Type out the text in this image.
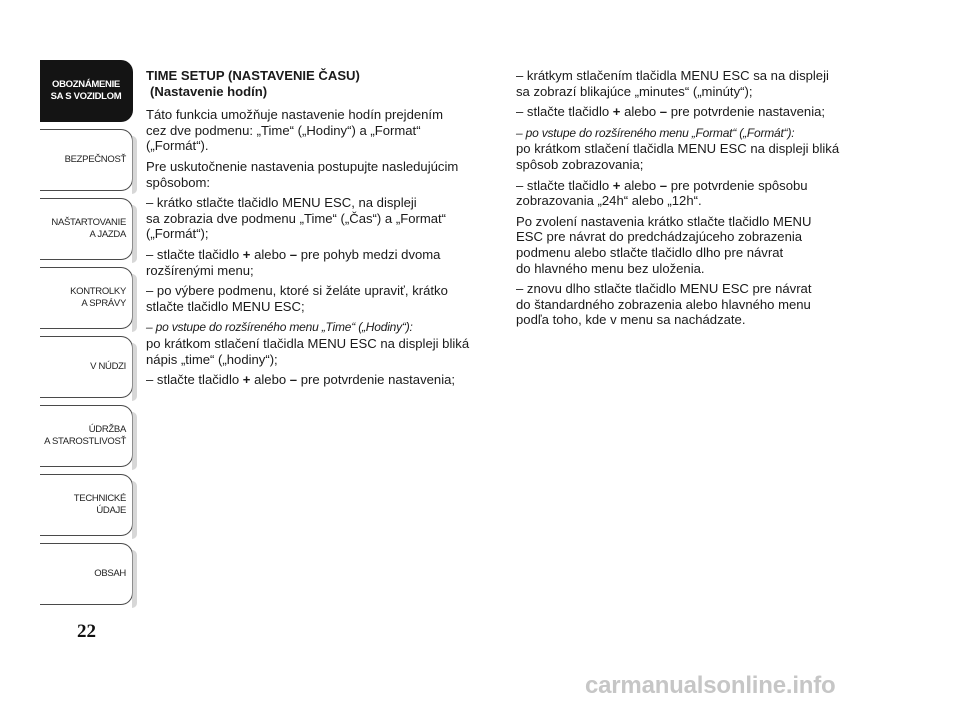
OBOZNÁMENIE
SA S VOZIDLOM
BEZPEČNOSŤ
NAŠTARTOVANIE
A JAZDA
KONTROLKY
A SPRÁVY
V NÚDZI
ÚDRŽBA
A STAROSTLIVOSŤ
TECHNICKÉ
ÚDAJE
OBSAH
22
TIME SETUP (NASTAVENIE ČASU)
(Nastavenie hodín)

Táto funkcia umožňuje nastavenie hodín prejdením
cez dve podmenu: „Time“ („Hodiny“) a „Format“
(„Formát“).

Pre uskutočnenie nastavenia postupujte nasledujúcim
spôsobom:

– krátko stlačte tlačidlo MENU ESC, na displeji
sa zobrazia dve podmenu „Time“ („Čas“) a „Format“
(„Formát“);

– stlačte tlačidlo + alebo – pre pohyb medzi dvoma
rozšírenými menu;

– po výbere podmenu, ktoré si želáte upraviť, krátko
stlačte tlačidlo MENU ESC;

– po vstupe do rozšíreného menu „Time“ („Hodiny“):
po krátkom stlačení tlačidla MENU ESC na displeji bliká
nápis „time“ („hodiny“);

– stlačte tlačidlo + alebo – pre potvrdenie nastavenia;

– krátkym stlačením tlačidla MENU ESC sa na displeji
sa zobrazí blikajúce „minutes“ („minúty“);

– stlačte tlačidlo + alebo – pre potvrdenie nastavenia;

– po vstupe do rozšíreného menu „Format“ („Formát“):
po krátkom stlačení tlačidla MENU ESC na displeji bliká
spôsob zobrazovania;

– stlačte tlačidlo + alebo – pre potvrdenie spôsobu
zobrazovania „24h“ alebo „12h“.

Po zvolení nastavenia krátko stlačte tlačidlo MENU
ESC pre návrat do predchádzajúceho zobrazenia
podmenu alebo stlačte tlačidlo dlho pre návrat
do hlavného menu bez uloženia.

– znovu dlho stlačte tlačidlo MENU ESC pre návrat
do štandardného zobrazenia alebo hlavného menu
podľa toho, kde v menu sa nachádzate.

carmanualsonline.info
